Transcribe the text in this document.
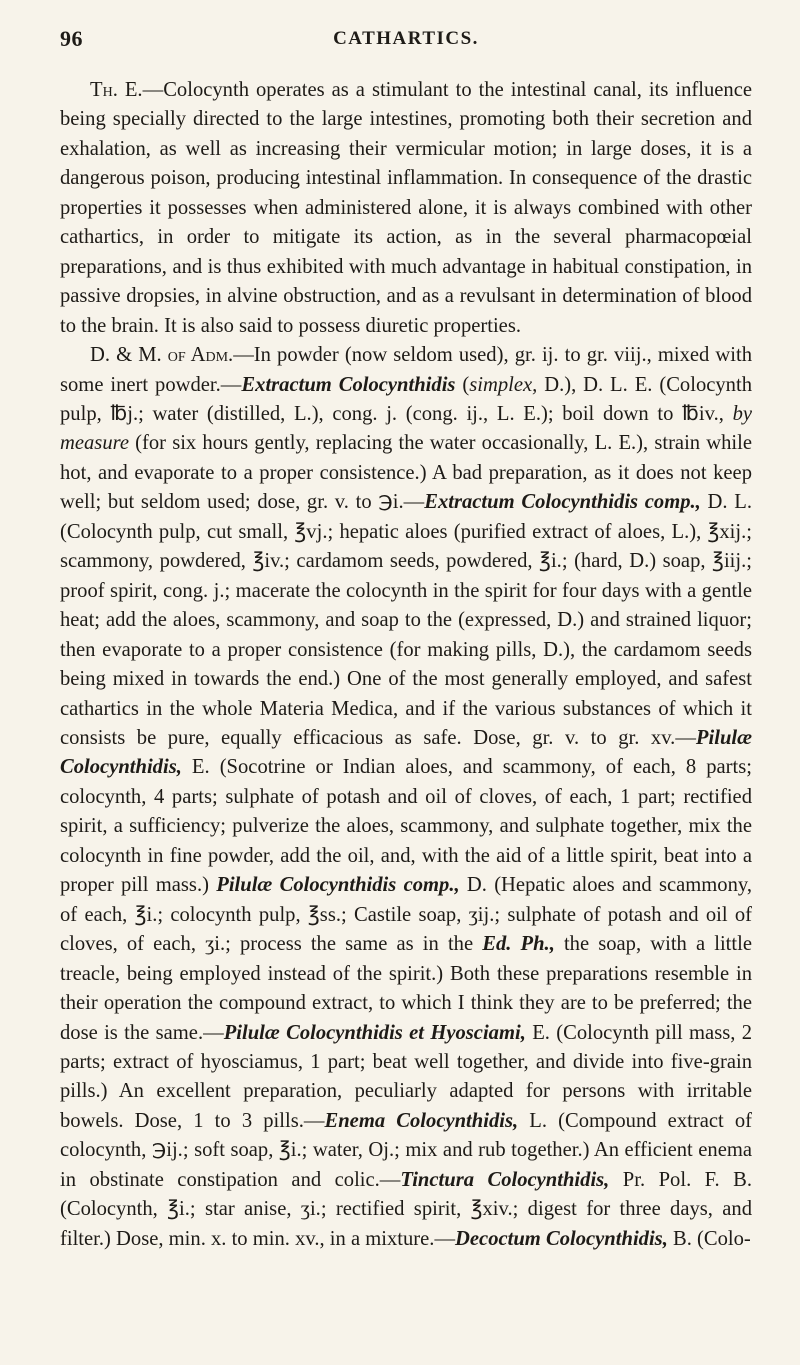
96	CATHARTICS.

Th. E.—Colocynth operates as a stimulant to the intestinal canal, its influence being specially directed to the large intestines, promoting both their secretion and exhalation, as well as increasing their vermicular motion; in large doses, it is a dangerous poison, producing intestinal inflammation. In consequence of the drastic properties it possesses when administered alone, it is always combined with other cathartics, in order to mitigate its action, as in the several pharmacopœial preparations, and is thus exhibited with much advantage in habitual constipation, in passive dropsies, in alvine obstruction, and as a revulsant in determination of blood to the brain. It is also said to possess diuretic properties.

D. & M. of Adm.—In powder (now seldom used), gr. ij. to gr. viij., mixed with some inert powder.—Extractum Colocynthidis (simplex, D.), D. L. E. (Colocynth pulp, ℔j.; water (distilled, L.), cong. j. (cong. ij., L. E.); boil down to ℔iv., by measure (for six hours gently, replacing the water occasionally, L. E.), strain while hot, and evaporate to a proper consistence.) A bad preparation, as it does not keep well; but seldom used; dose, gr. v. to ℈i.—Extractum Colocynthidis comp., D. L. (Colocynth pulp, cut small, ℥vj.; hepatic aloes (purified extract of aloes, L.), ℥xij.; scammony, powdered, ℥iv.; cardamom seeds, powdered, ℥i.; (hard, D.) soap, ℥iij.; proof spirit, cong. j.; macerate the colocynth in the spirit for four days with a gentle heat; add the aloes, scammony, and soap to the (expressed, D.) and strained liquor; then evaporate to a proper consistence (for making pills, D.), the cardamom seeds being mixed in towards the end.) One of the most generally employed, and safest cathartics in the whole Materia Medica, and if the various substances of which it consists be pure, equally efficacious as safe. Dose, gr. v. to gr. xv.—Pilulæ Colocynthidis, E. (Socotrine or Indian aloes, and scammony, of each, 8 parts; colocynth, 4 parts; sulphate of potash and oil of cloves, of each, 1 part; rectified spirit, a sufficiency; pulverize the aloes, scammony, and sulphate together, mix the colocynth in fine powder, add the oil, and, with the aid of a little spirit, beat into a proper pill mass.) Pilulæ Colocynthidis comp., D. (Hepatic aloes and scammony, of each, ℥i.; colocynth pulp, ℥ss.; Castile soap, ʒij.; sulphate of potash and oil of cloves, of each, ʒi.; process the same as in the Ed. Ph., the soap, with a little treacle, being employed instead of the spirit.) Both these preparations resemble in their operation the compound extract, to which I think they are to be preferred; the dose is the same.—Pilulæ Colocynthidis et Hyosciami, E. (Colocynth pill mass, 2 parts; extract of hyosciamus, 1 part; beat well together, and divide into five-grain pills.) An excellent preparation, peculiarly adapted for persons with irritable bowels. Dose, 1 to 3 pills.—Enema Colocynthidis, L. (Compound extract of colocynth, ℈ij.; soft soap, ℥i.; water, Oj.; mix and rub together.) An efficient enema in obstinate constipation and colic.—Tinctura Colocynthidis, Pr. Pol. F. B. (Colocynth, ℥i.; star anise, ʒi.; rectified spirit, ℥xiv.; digest for three days, and filter.) Dose, min. x. to min. xv., in a mixture.—Decoctum Colocynthidis, B. (Colo-
